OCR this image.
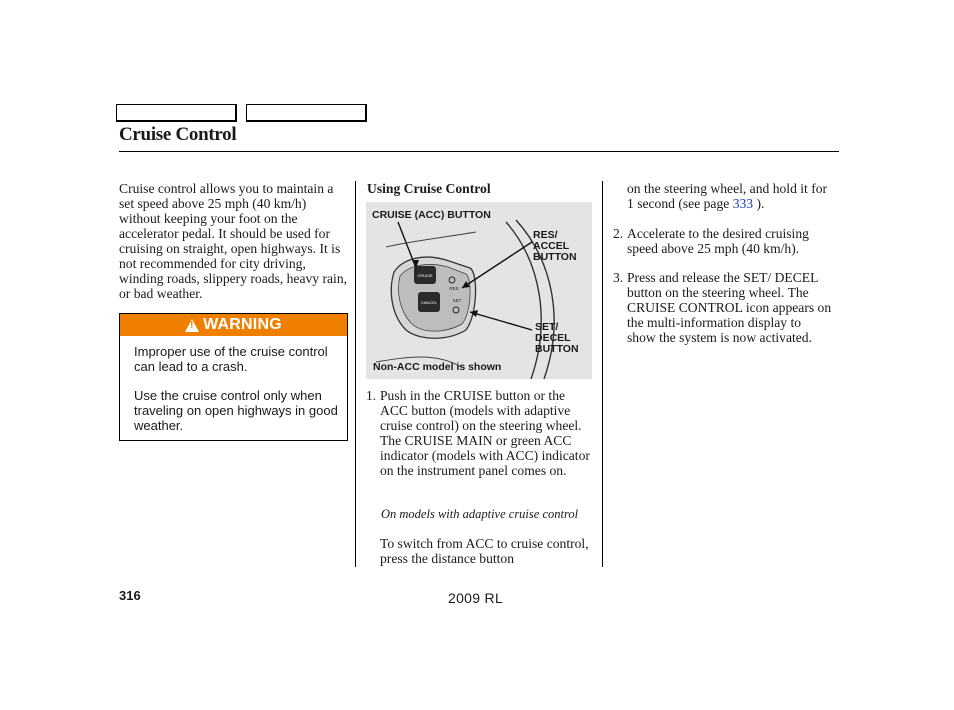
Cruise Control
Cruise control allows you to maintain a set speed above 25 mph (40 km/h) without keeping your foot on the accelerator pedal. It should be used for cruising on straight, open highways. It is not recommended for city driving, winding roads, slippery roads, heavy rain, or bad weather.
! WARNING
Improper use of the cruise control can lead to a crash.
Use the cruise control only when traveling on open highways in good weather.
Using Cruise Control
CRUISE
CANCEL
RES
SET
CRUISE (ACC) BUTTON
RES/
ACCEL
BUTTON
SET/
DECEL
BUTTON
Non-ACC model is shown
1. Push in the CRUISE button or the ACC button (models with adaptive cruise control) on the steering wheel. The CRUISE MAIN or green ACC indicator (models with ACC) indicator on the instrument panel comes on.
On models with adaptive cruise control
To switch from ACC to cruise control, press the distance button
on the steering wheel, and hold it for 1 second (see page 333 ).
2. Accelerate to the desired cruising speed above 25 mph (40 km/h).
3. Press and release the SET/ DECEL button on the steering wheel. The CRUISE CONTROL icon appears on the multi-information display to show the system is now activated.
316	2009 RL
